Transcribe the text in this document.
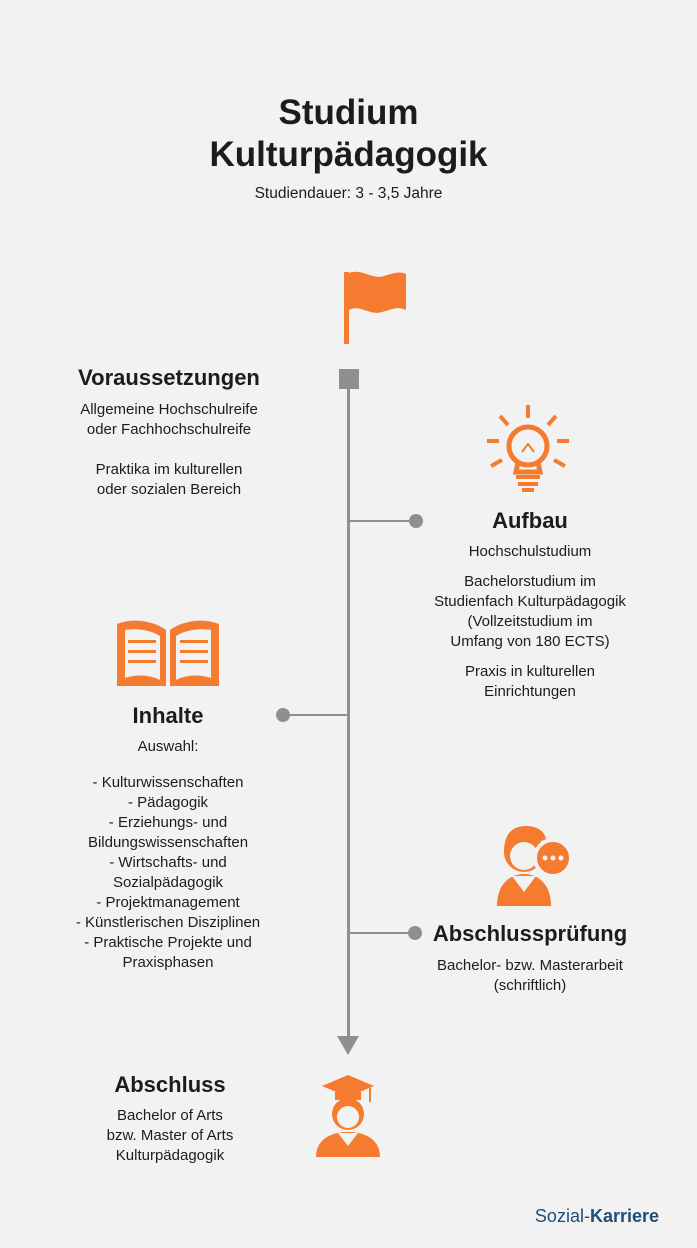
Studium
Kulturpädagogik
Studiendauer: 3 - 3,5 Jahre
Voraussetzungen
Allgemeine Hochschulreife
oder Fachhochschulreife
Praktika im kulturellen
oder sozialen Bereich
Aufbau
Hochschulstudium
Bachelorstudium im
Studienfach Kulturpädagogik
(Vollzeitstudium im
Umfang von 180 ECTS)
Praxis in kulturellen
Einrichtungen
Inhalte
Auswahl:
- Kulturwissenschaften
- Pädagogik
- Erziehungs- und
Bildungswissenschaften
- Wirtschafts- und
Sozialpädagogik
- Projektmanagement
- Künstlerischen Disziplinen
- Praktische Projekte und
Praxisphasen
Abschlussprüfung
Bachelor- bzw. Masterarbeit
(schriftlich)
Abschluss
Bachelor of Arts
bzw. Master of Arts
Kulturpädagogik
Sozial-Karriere
